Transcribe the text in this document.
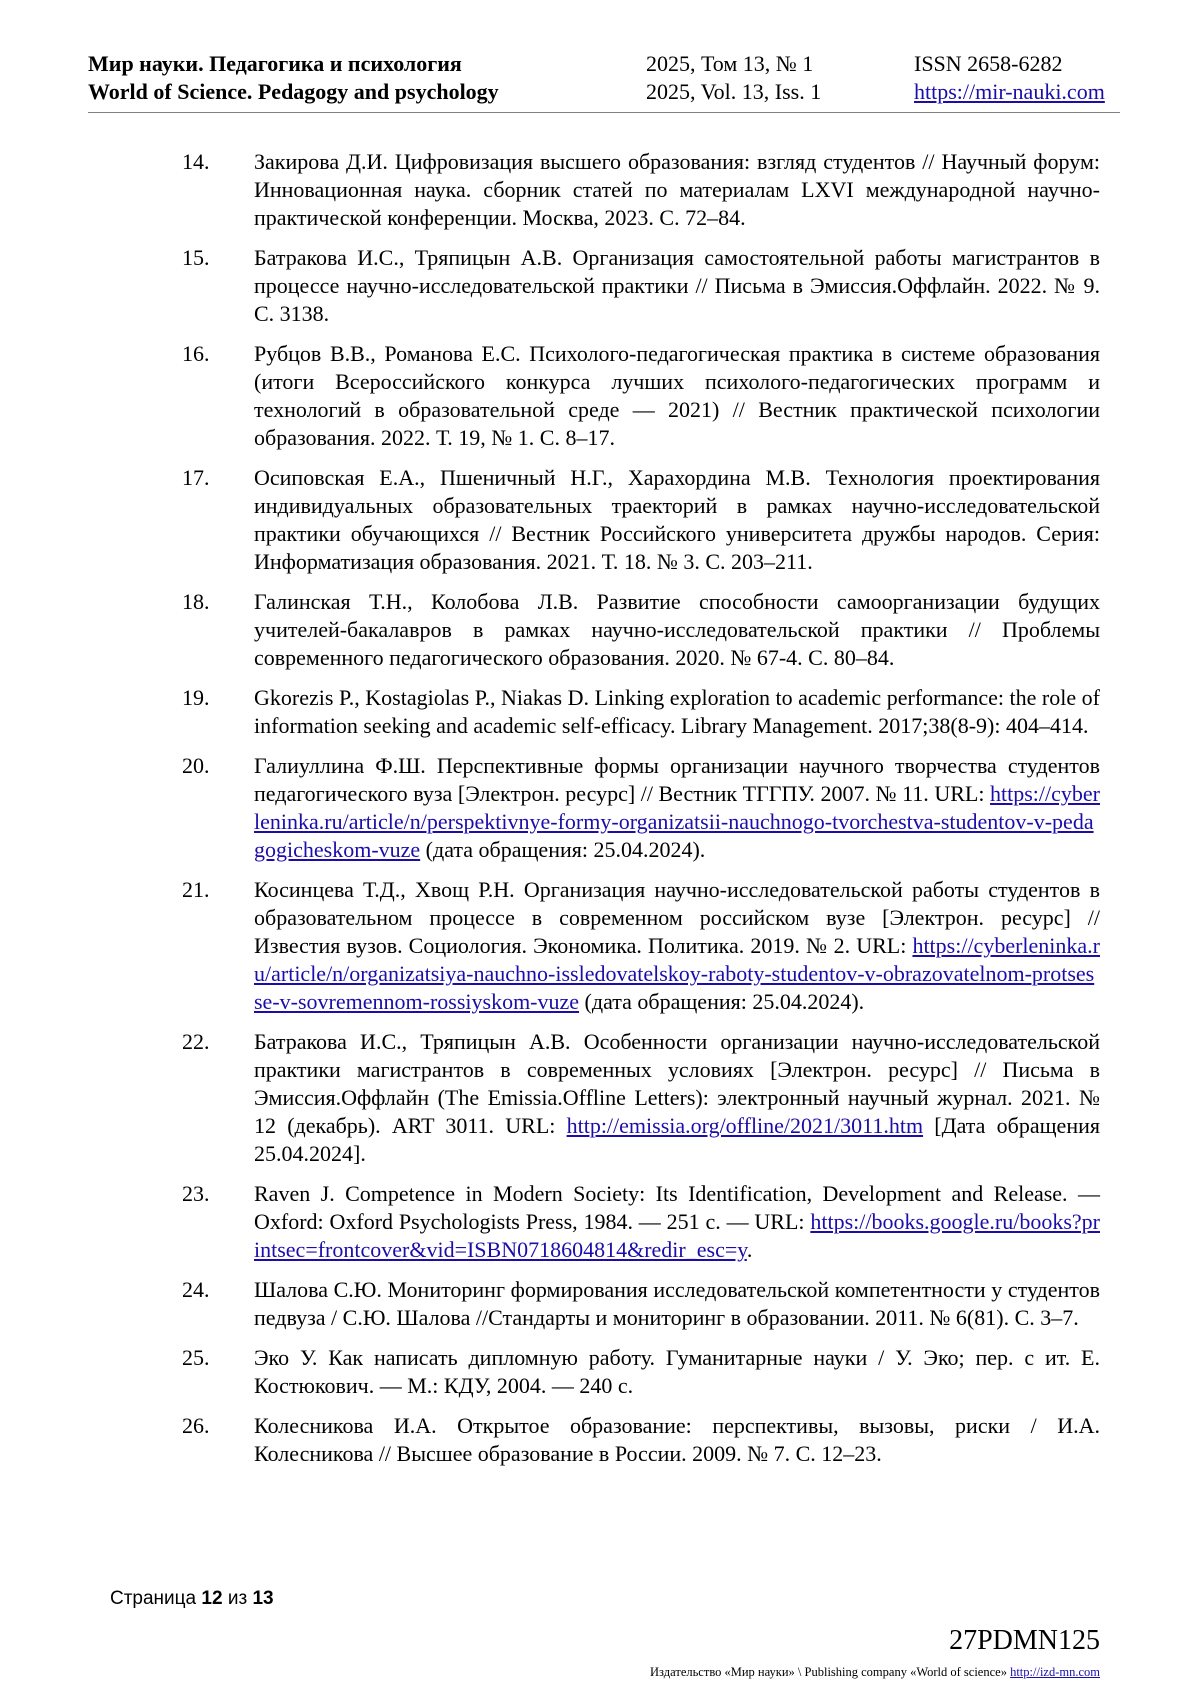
Мир науки. Педагогика и психология
World of Science. Pedagogy and psychology
2025, Том 13, № 1
2025, Vol. 13, Iss. 1
ISSN 2658-6282
https://mir-nauki.com
14.	Закирова Д.И. Цифровизация высшего образования: взгляд студентов // Научный форум: Инновационная наука. сборник статей по материалам LXVI международной научно-практической конференции. Москва, 2023. С. 72–84.
15.	Батракова И.С., Тряпицын А.В. Организация самостоятельной работы магистрантов в процессе научно-исследовательской практики // Письма в Эмиссия.Оффлайн. 2022. № 9. С. 3138.
16.	Рубцов В.В., Романова Е.С. Психолого-педагогическая практика в системе образования (итоги Всероссийского конкурса лучших психолого-педагогических программ и технологий в образовательной среде — 2021) // Вестник практической психологии образования. 2022. Т. 19, № 1. С. 8–17.
17.	Осиповская Е.А., Пшеничный Н.Г., Харахордина М.В. Технология проектирования индивидуальных образовательных траекторий в рамках научно-исследовательской практики обучающихся // Вестник Российского университета дружбы народов. Серия: Информатизация образования. 2021. Т. 18. № 3. С. 203–211.
18.	Галинская Т.Н., Колобова Л.В. Развитие способности самоорганизации будущих учителей-бакалавров в рамках научно-исследовательской практики // Проблемы современного педагогического образования. 2020. № 67-4. С. 80–84.
19.	Gkorezis P., Kostagiolas P., Niakas D. Linking exploration to academic performance: the role of information seeking and academic self-efficacy. Library Management. 2017;38(8-9): 404–414.
20.	Галиуллина Ф.Ш. Перспективные формы организации научного творчества студентов педагогического вуза [Электрон. ресурс] // Вестник ТГГПУ. 2007. № 11. URL: https://cyberleninka.ru/article/n/perspektivnye-formy-organizatsii-nauchnogo-tvorchestva-studentov-v-pedagogicheskom-vuze (дата обращения: 25.04.2024).
21.	Косинцева Т.Д., Хвощ Р.Н. Организация научно-исследовательской работы студентов в образовательном процессе в современном российском вузе [Электрон. ресурс] // Известия вузов. Социология. Экономика. Политика. 2019. № 2. URL: https://cyberleninka.ru/article/n/organizatsiya-nauchno-issledovatelskoy-raboty-studentov-v-obrazovatelnom-protsesse-v-sovremennom-rossiyskom-vuze (дата обращения: 25.04.2024).
22.	Батракова И.С., Тряпицын А.В. Особенности организации научно-исследовательской практики магистрантов в современных условиях [Электрон. ресурс] // Письма в Эмиссия.Оффлайн (The Emissia.Offline Letters): электронный научный журнал. 2021. № 12 (декабрь). ART 3011. URL: http://emissia.org/offline/2021/3011.htm [Дата обращения 25.04.2024].
23.	Raven J. Competence in Modern Society: Its Identification, Development and Release. — Oxford: Oxford Psychologists Press, 1984. — 251 с. — URL: https://books.google.ru/books?printsec=frontcover&vid=ISBN0718604814&redir_esc=y.
24.	Шалова С.Ю. Мониторинг формирования исследовательской компетентности у студентов педвуза / С.Ю. Шалова //Стандарты и мониторинг в образовании. 2011. № 6(81). С. 3–7.
25.	Эко У. Как написать дипломную работу. Гуманитарные науки / У. Эко; пер. с ит. Е. Костюкович. — М.: КДУ, 2004. — 240 с.
26.	Колесникова И.А. Открытое образование: перспективы, вызовы, риски / И.А. Колесникова // Высшее образование в России. 2009. № 7. С. 12–23.
Страница 12 из 13
27PDMN125
Издательство «Мир науки» \ Publishing company «World of science» http://izd-mn.com
